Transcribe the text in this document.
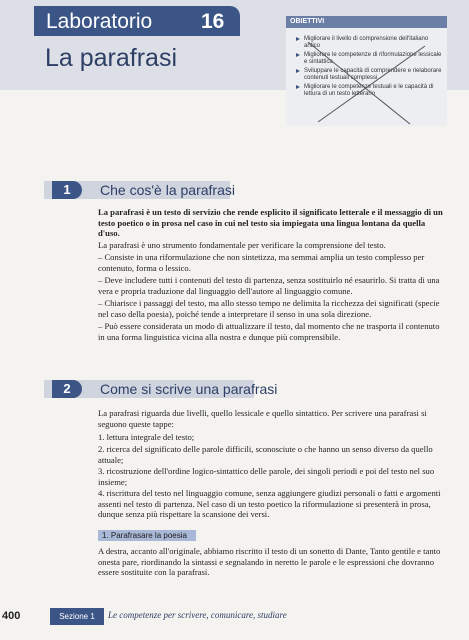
Laboratorio 16
La parafrasi
OBIETTIVI
Migliorare il livello di comprensione dell'italiano antico
Migliorare le competenze di riformulazione lessicale e sintattica
Sviluppare le capacità di comprendere e rielaborare contenuti testuali complessi
Migliorare le competenze testuali e le capacità di lettura di un testo letterario
1	Che cos'è la parafrasi
La parafrasi è un testo di servizio che rende esplicito il significato letterale e il messaggio di un testo poetico o in prosa nel caso in cui nel testo sia impiegata una lingua lontana da quella d'uso.
La parafrasi è uno strumento fondamentale per verificare la comprensione del testo.
– Consiste in una riformulazione che non sintetizza, ma semmai amplia un testo complesso per contenuto, forma o lessico.
– Deve includere tutti i contenuti del testo di partenza, senza sostituirlo né esaurirlo. Si tratta di una vera e propria traduzione dal linguaggio dell'autore al linguaggio comune.
– Chiarisce i passaggi del testo, ma allo stesso tempo ne delimita la ricchezza dei significati (specie nel caso della poesia), poiché tende a interpretare il senso in una sola direzione.
– Può essere considerata un modo di attualizzare il testo, dal momento che ne trasporta il contenuto in una forma linguistica vicina alla nostra e dunque più comprensibile.
2	Come si scrive una parafrasi
La parafrasi riguarda due livelli, quello lessicale e quello sintattico. Per scrivere una parafrasi si seguono queste tappe:
1. lettura integrale del testo;
2. ricerca del significato delle parole difficili, sconosciute o che hanno un senso diverso da quello attuale;
3. ricostruzione dell'ordine logico-sintattico delle parole, dei singoli periodi e poi del testo nel suo insieme;
4. riscrittura del testo nel linguaggio comune, senza aggiungere giudizi personali o fatti e argomenti assenti nel testo di partenza. Nel caso di un testo poetico la riformulazione si presenterà in prosa, dunque senza più rispettare la scansione dei versi.
1. Parafrasare la poesia
A destra, accanto all'originale, abbiamo riscritto il testo di un sonetto di Dante, Tanto gentile e tanto onesta pare, riordinando la sintassi e segnalando in neretto le parole e le espressioni che dovranno essere sostituite con la parafrasi.
400	Sezione 1	Le competenze per scrivere, comunicare, studiare
